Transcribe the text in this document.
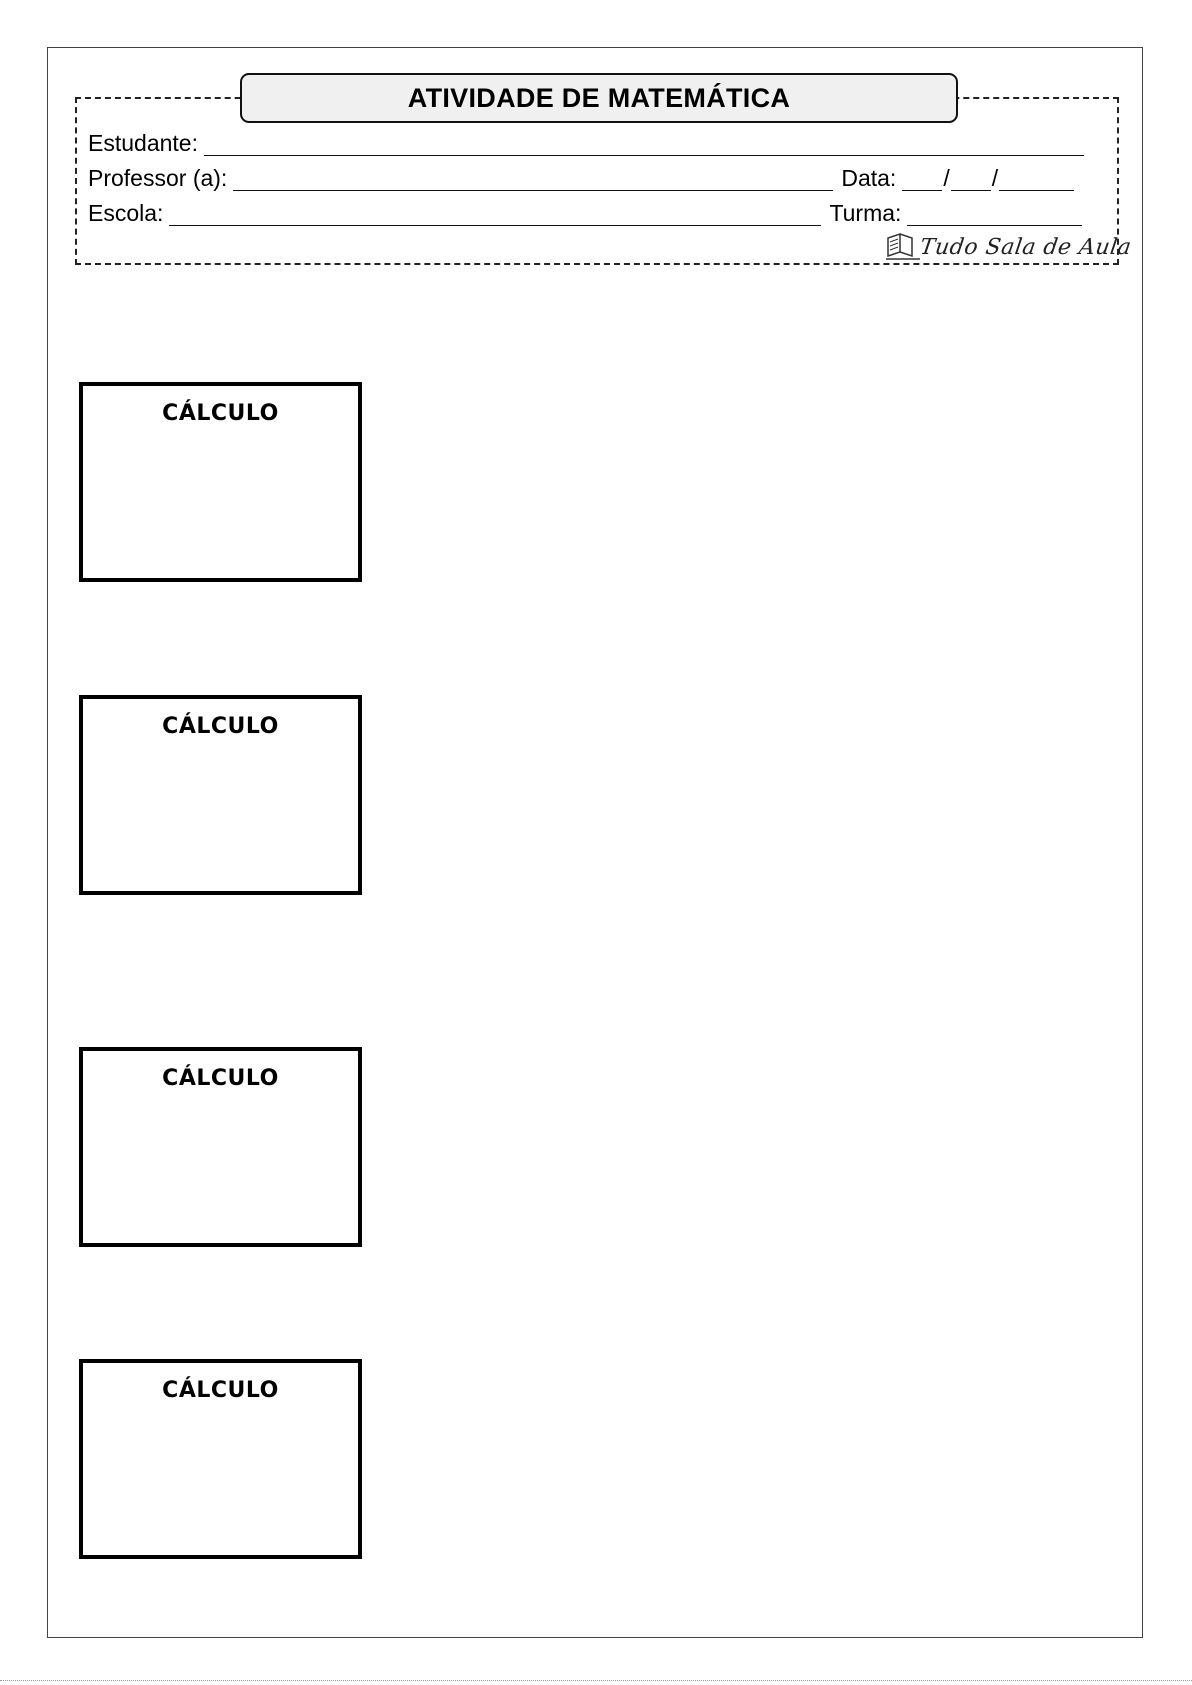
ATIVIDADE DE MATEMÁTICA
Estudante:
Professor (a):	Data: / /
Escola:	Turma:
Tudo Sala de Aula
CÁLCULO
CÁLCULO
CÁLCULO
CÁLCULO
